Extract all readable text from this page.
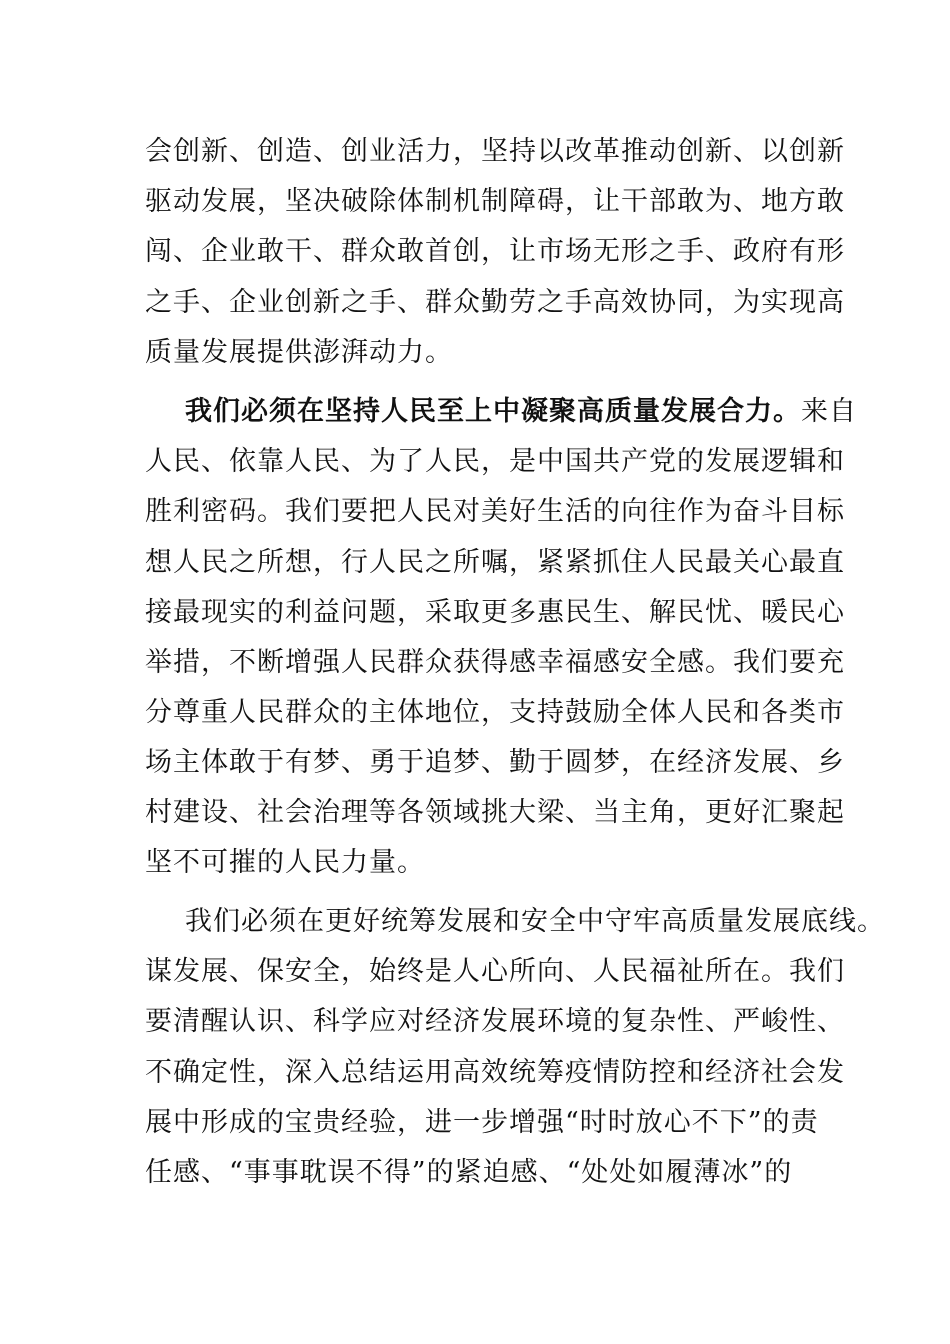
会创新、创造、创业活力，坚持以改革推动创新、以创新

驱动发展，坚决破除体制机制障碍，让干部敢为、地方敢

闯、企业敢干、群众敢首创，让市场无形之手、政府有形

之手、企业创新之手、群众勤劳之手高效协同，为实现高

质量发展提供澎湃动力。

我们必须在坚持人民至上中凝聚高质量发展合力。来自

人民、依靠人民、为了人民，是中国共产党的发展逻辑和

胜利密码。我们要把人民对美好生活的向往作为奋斗目标

想人民之所想，行人民之所嘱，紧紧抓住人民最关心最直

接最现实的利益问题，采取更多惠民生、解民忧、暖民心

举措，不断增强人民群众获得感幸福感安全感。我们要充

分尊重人民群众的主体地位，支持鼓励全体人民和各类市

场主体敢于有梦、勇于追梦、勤于圆梦，在经济发展、乡

村建设、社会治理等各领域挑大梁、当主角，更好汇聚起

坚不可摧的人民力量。

我们必须在更好统筹发展和安全中守牢高质量发展底线。

谋发展、保安全，始终是人心所向、人民福祉所在。我们

要清醒认识、科学应对经济发展环境的复杂性、严峻性、

不确定性，深入总结运用高效统筹疫情防控和经济社会发

展中形成的宝贵经验，进一步增强“时时放心不下”的责

任感、“事事耽误不得”的紧迫感、“处处如履薄冰”的
